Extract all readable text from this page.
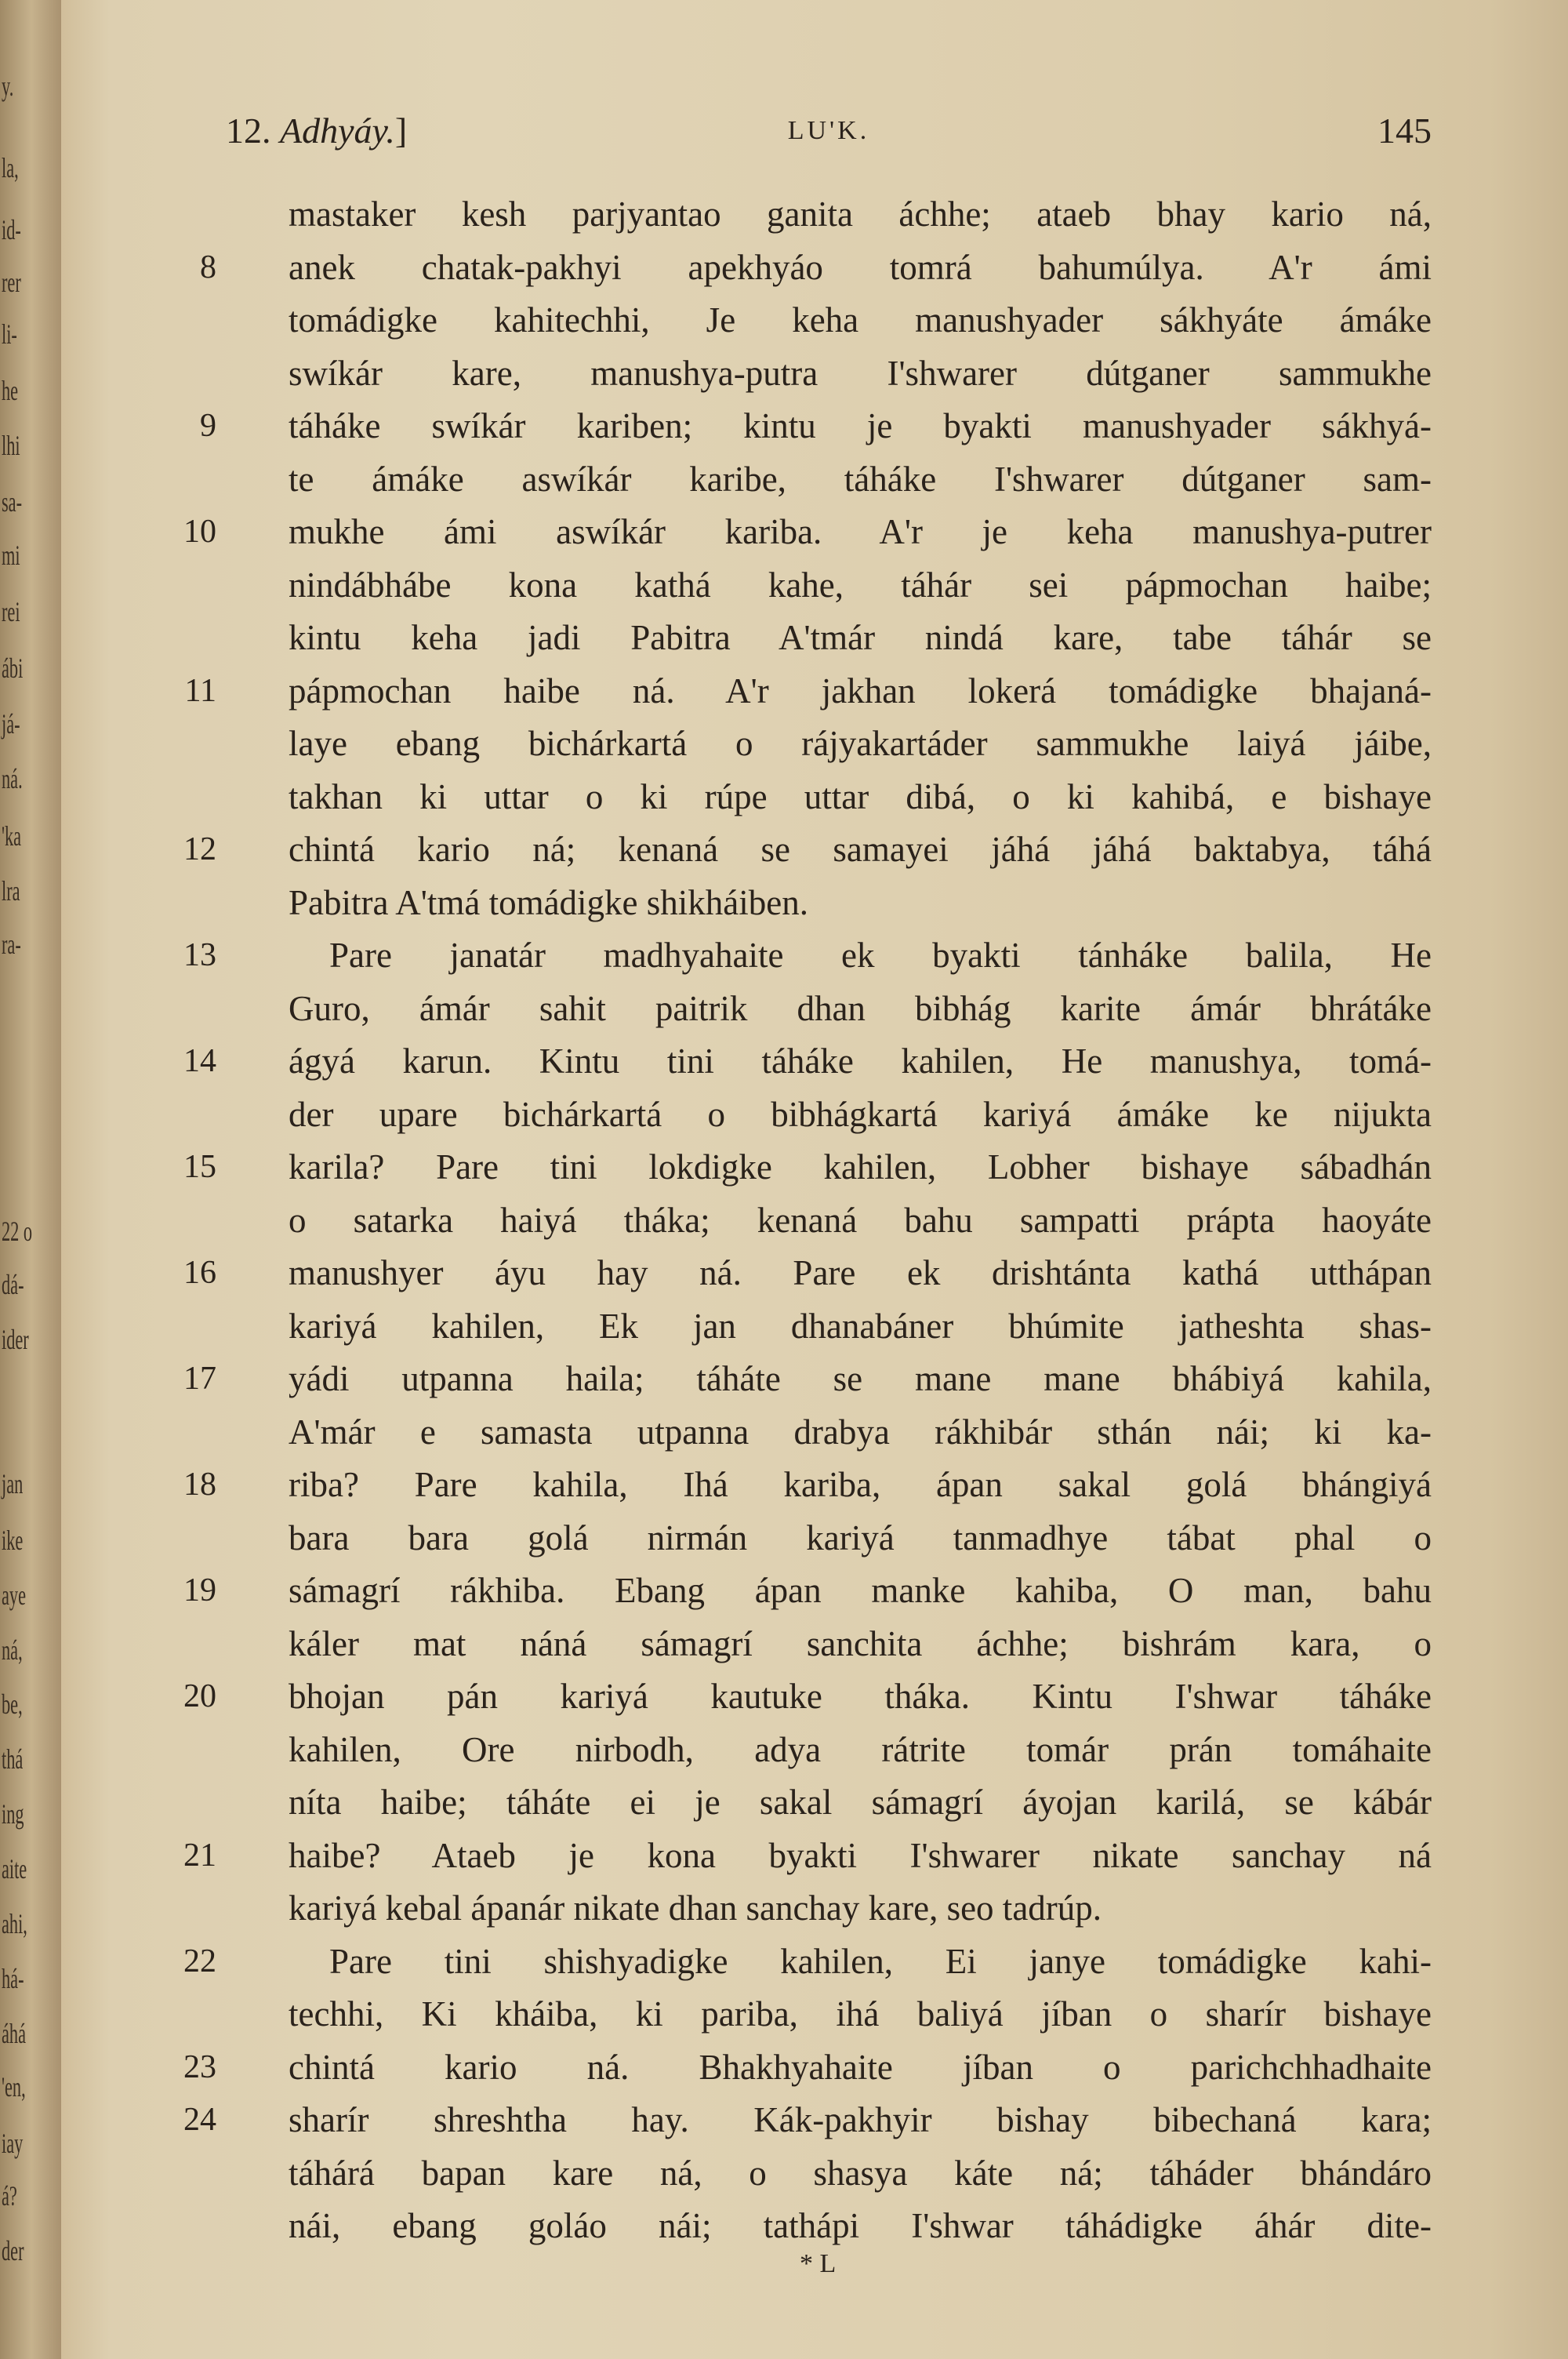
y.
la,
id-
rer
li-
he
lhi
sa-
mi
rei
ábi
já-
ná.
'ka
lra
ra-
22 o
dá-
ider
jan
ike
aye
ná,
be,
thá
ing
aite
ahi,
há-
áhá
'en,
iay
á?
der
12. Adhyáy.]	LU'K.	145
mastaker kesh parjyantao ganita áchhe; ataeb bhay kario ná,
8 anek chatak-pakhyi apekhyáo tomrá bahumúlya. A'r ámi
tomádigke kahitechhi, Je keha manushyader sákhyáte ámáke
swíkár kare, manushya-putra I'shwarer dútganer sammukhe
9 táháke swíkár kariben; kintu je byakti manushyader sákhyá-
te ámáke aswíkár karibe, táháke I'shwarer dútganer sam-
10 mukhe ámi aswíkár kariba. A'r je keha manushya-putrer
nindábhábe kona kathá kahe, táhár sei pápmochan haibe;
kintu keha jadi Pabitra A'tmár nindá kare, tabe táhár se
11 pápmochan haibe ná. A'r jakhan lokerá tomádigke bhajaná-
laye ebang bichárkartá o rájyakartáder sammukhe laiyá jáibe,
takhan ki uttar o ki rúpe uttar dibá, o ki kahibá, e bishaye
12 chintá kario ná; kenaná se samayei jáhá jáhá baktabya, táhá
Pabitra A'tmá tomádigke shikháiben.
13	Pare janatár madhyahaite ek byakti tánháke balila, He
Guro, ámár sahit paitrik dhan bibhág karite ámár bhrátáke
14 ágyá karun. Kintu tini táháke kahilen, He manushya, tomá-
der upare bichárkartá o bibhágkartá kariyá ámáke ke nijukta
15 karila? Pare tini lokdigke kahilen, Lobher bishaye sábadhán
o satarka haiyá tháka; kenaná bahu sampatti prápta haoyáte
16 manushyer áyu hay ná. Pare ek drishtánta kathá utthápan
kariyá kahilen, Ek jan dhanabáner bhúmite jatheshta shas-
17 yádi utpanna haila; táháte se mane mane bhábiyá kahila,
A'már e samasta utpanna drabya rákhibár sthán nái; ki ka-
18 riba? Pare kahila, Ihá kariba, ápan sakal golá bhángiyá
bara bara golá nirmán kariyá tanmadhye tábat phal o
19 sámagrí rákhiba. Ebang ápan manke kahiba, O man, bahu
káler mat náná sámagrí sanchita áchhe; bishrám kara, o
20 bhojan pán kariyá kautuke tháka. Kintu I'shwar táháke
kahilen, Ore nirbodh, adya rátrite tomár prán tomáhaite
níta haibe; táháte ei je sakal sámagrí áyojan karilá, se kábár
21 haibe? Ataeb je kona byakti I'shwarer nikate sanchay ná
kariyá kebal ápanár nikate dhan sanchay kare, seo tadrúp.
22	Pare tini shishyadigke kahilen, Ei janye tomádigke kahi-
techhi, Ki kháiba, ki pariba, ihá baliyá jíban o sharír bishaye
23 chintá kario ná. Bhakhyahaite jíban o parichchhadhaite
24 sharír shreshtha hay. Kák-pakhyir bishay bibechaná kara;
táhárá bapan kare ná, o shasya káte ná; táháder bhándáro
nái, ebang goláo nái; tathápi I'shwar táhádigke áhár dite-
* L
